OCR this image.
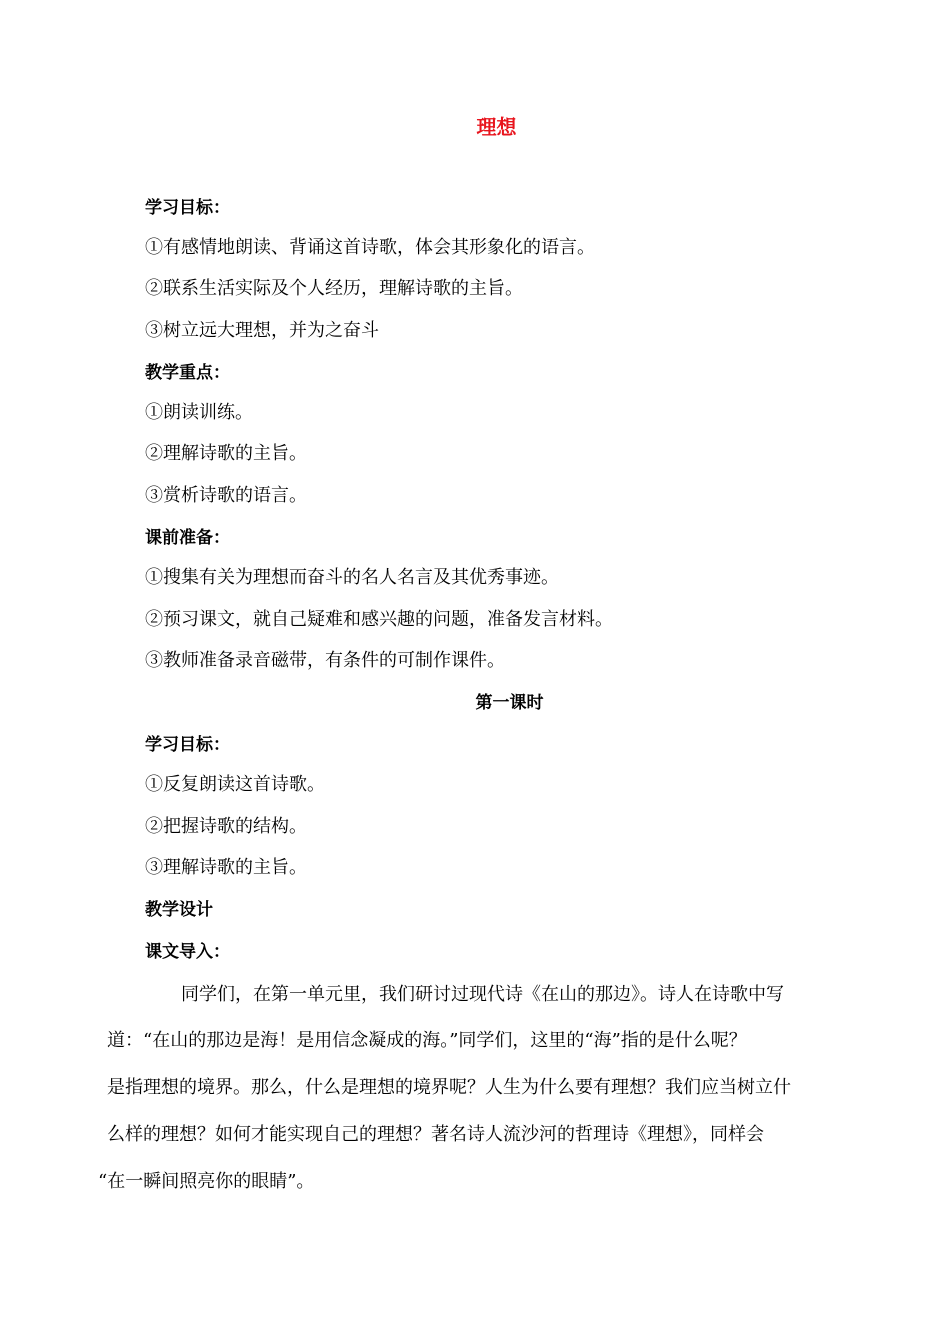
理想
学习目标：
①有感情地朗读、背诵这首诗歌，体会其形象化的语言。
②联系生活实际及个人经历，理解诗歌的主旨。
③树立远大理想，并为之奋斗
教学重点：
①朗读训练。
②理解诗歌的主旨。
③赏析诗歌的语言。
课前准备：
①搜集有关为理想而奋斗的名人名言及其优秀事迹。
②预习课文，就自己疑难和感兴趣的问题，准备发言材料。
③教师准备录音磁带，有条件的可制作课件。
第一课时
学习目标：
①反复朗读这首诗歌。
②把握诗歌的结构。
③理解诗歌的主旨。
教学设计
课文导入：
同学们，在第一单元里，我们研讨过现代诗《在山的那边》。诗人在诗歌中写
道：“在山的那边是海！是用信念凝成的海。”同学们，这里的“海”指的是什么呢？
是指理想的境界。那么，什么是理想的境界呢？人生为什么要有理想？我们应当树立什
么样的理想？如何才能实现自己的理想？著名诗人流沙河的哲理诗《理想》，同样会
“在一瞬间照亮你的眼睛”。
